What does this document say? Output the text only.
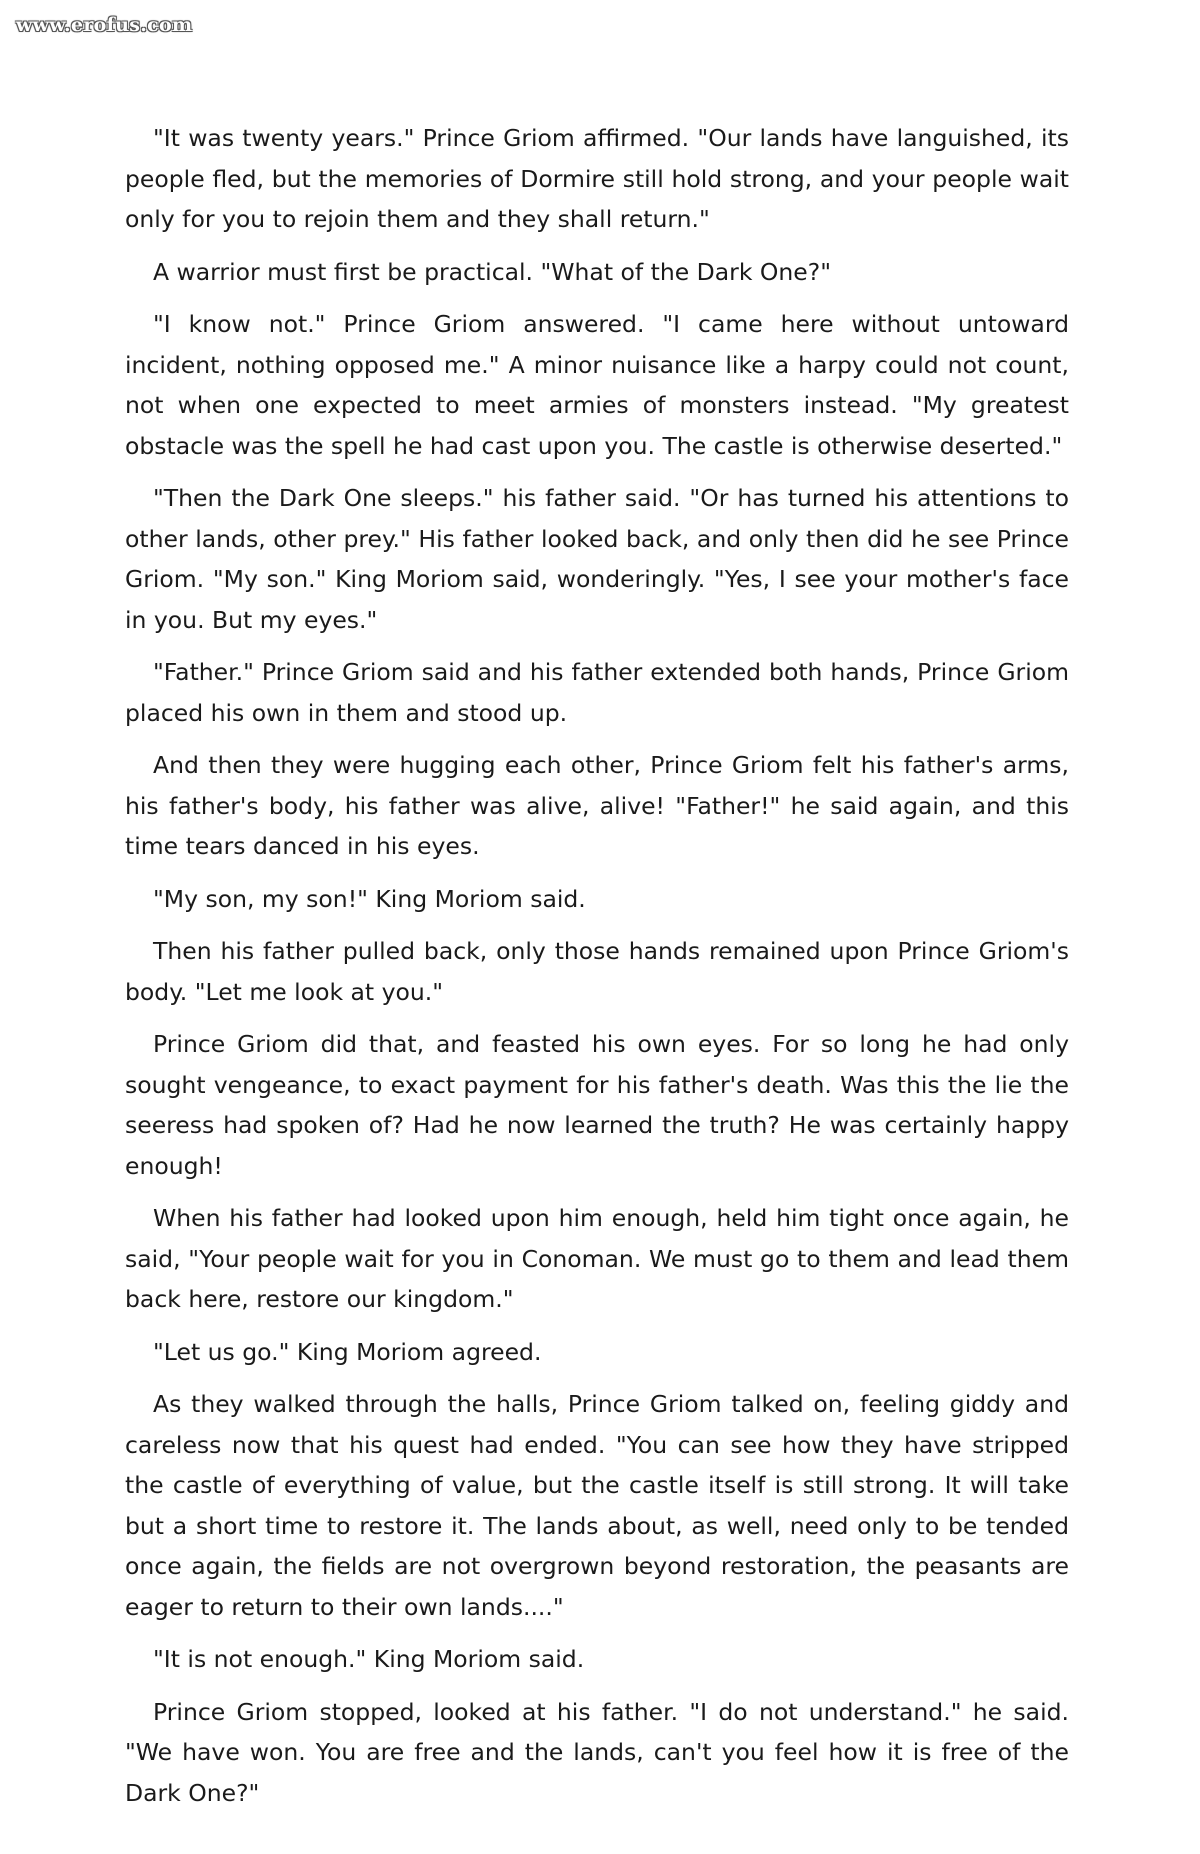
www.erofus.com

"It was twenty years." Prince Griom affirmed. "Our lands have languished, its people fled, but the memories of Dormire still hold strong, and your people wait only for you to rejoin them and they shall return."

A warrior must first be practical. "What of the Dark One?"

"I know not." Prince Griom answered. "I came here without untoward incident, nothing opposed me." A minor nuisance like a harpy could not count, not when one expected to meet armies of monsters instead. "My greatest obstacle was the spell he had cast upon you. The castle is otherwise deserted."

"Then the Dark One sleeps." his father said. "Or has turned his attentions to other lands, other prey." His father looked back, and only then did he see Prince Griom. "My son." King Moriom said, wonderingly. "Yes, I see your mother's face in you. But my eyes."

"Father." Prince Griom said and his father extended both hands, Prince Griom placed his own in them and stood up.

And then they were hugging each other, Prince Griom felt his father's arms, his father's body, his father was alive, alive! "Father!" he said again, and this time tears danced in his eyes.

"My son, my son!" King Moriom said.

Then his father pulled back, only those hands remained upon Prince Griom's body. "Let me look at you."

Prince Griom did that, and feasted his own eyes. For so long he had only sought vengeance, to exact payment for his father's death. Was this the lie the seeress had spoken of? Had he now learned the truth? He was certainly happy enough!

When his father had looked upon him enough, held him tight once again, he said, "Your people wait for you in Conoman. We must go to them and lead them back here, restore our kingdom."

"Let us go." King Moriom agreed.

As they walked through the halls, Prince Griom talked on, feeling giddy and careless now that his quest had ended. "You can see how they have stripped the castle of everything of value, but the castle itself is still strong. It will take but a short time to restore it. The lands about, as well, need only to be tended once again, the fields are not overgrown beyond restoration, the peasants are eager to return to their own lands...."

"It is not enough." King Moriom said.

Prince Griom stopped, looked at his father. "I do not understand." he said. "We have won. You are free and the lands, can't you feel how it is free of the Dark One?"
